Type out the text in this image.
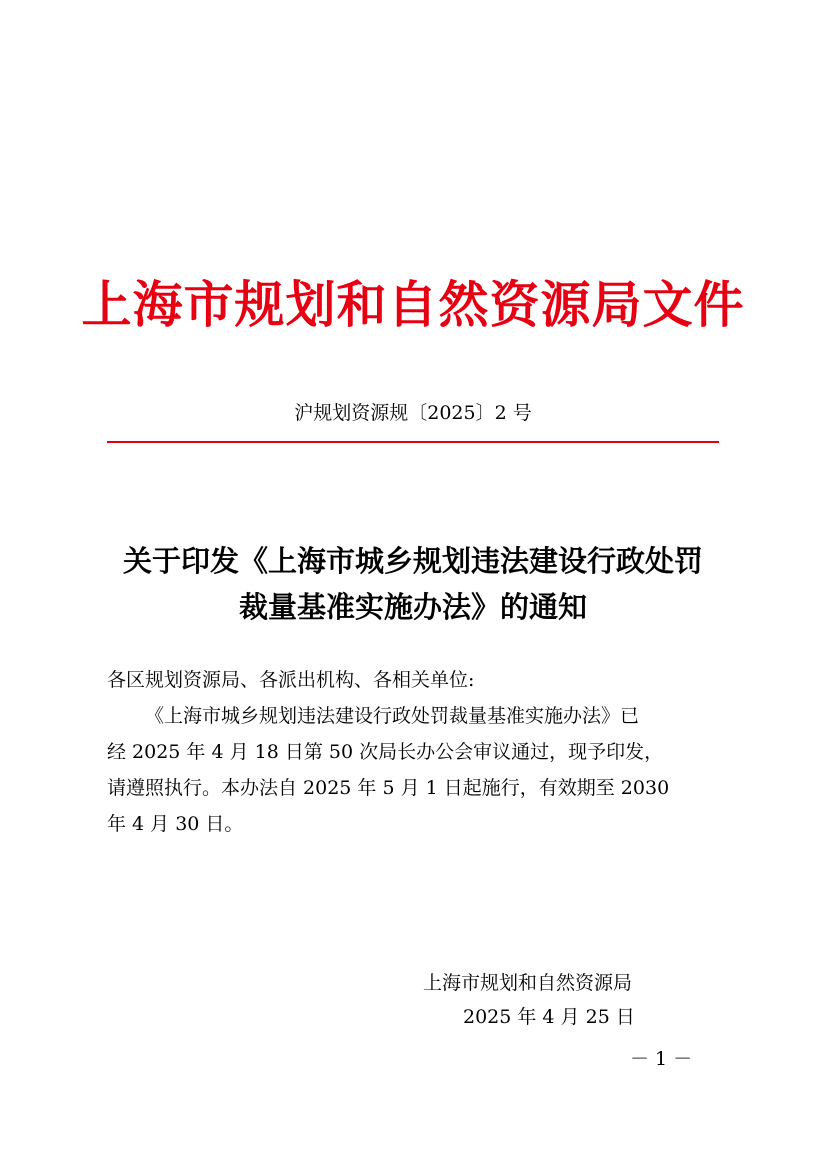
上海市规划和自然资源局文件
沪规划资源规〔2025〕2 号
关于印发《上海市城乡规划违法建设行政处罚
裁量基准实施办法》的通知
各区规划资源局、各派出机构、各相关单位:
《上海市城乡规划违法建设行政处罚裁量基准实施办法》已
经 2025 年 4 月 18 日第 50 次局长办公会审议通过，现予印发，
请遵照执行。本办法自 2025 年 5 月 1 日起施行，有效期至 2030
年 4 月 30 日。
上海市规划和自然资源局
2025 年 4 月 25 日
－ 1 －
